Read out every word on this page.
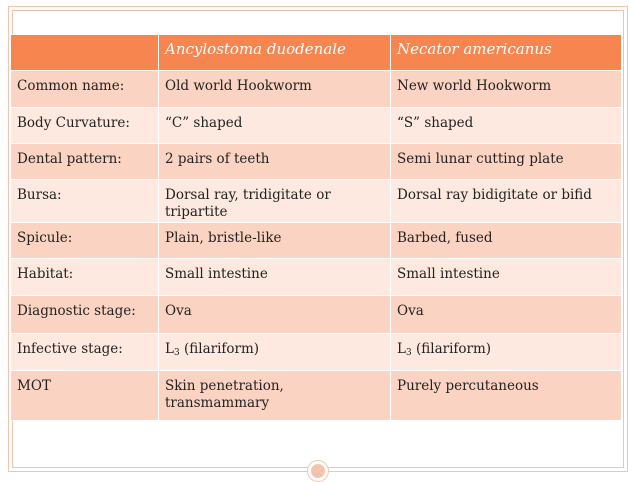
	Ancylostoma duodenale	Necator americanus
Common name:	Old world Hookworm	New world Hookworm
Body Curvature:	“C” shaped	“S” shaped
Dental pattern:	2 pairs of teeth	Semi lunar cutting plate
Bursa:	Dorsal ray, tridigitate or tripartite	Dorsal ray bidigitate or bifid
Spicule:	Plain, bristle-like	Barbed, fused
Habitat:	Small intestine	Small intestine
Diagnostic stage:	Ova	Ova
Infective stage:	$L_3$ (filariform)	$L_3$ (filariform)
MOT	Skin penetration, transmammary	Purely percutaneous
